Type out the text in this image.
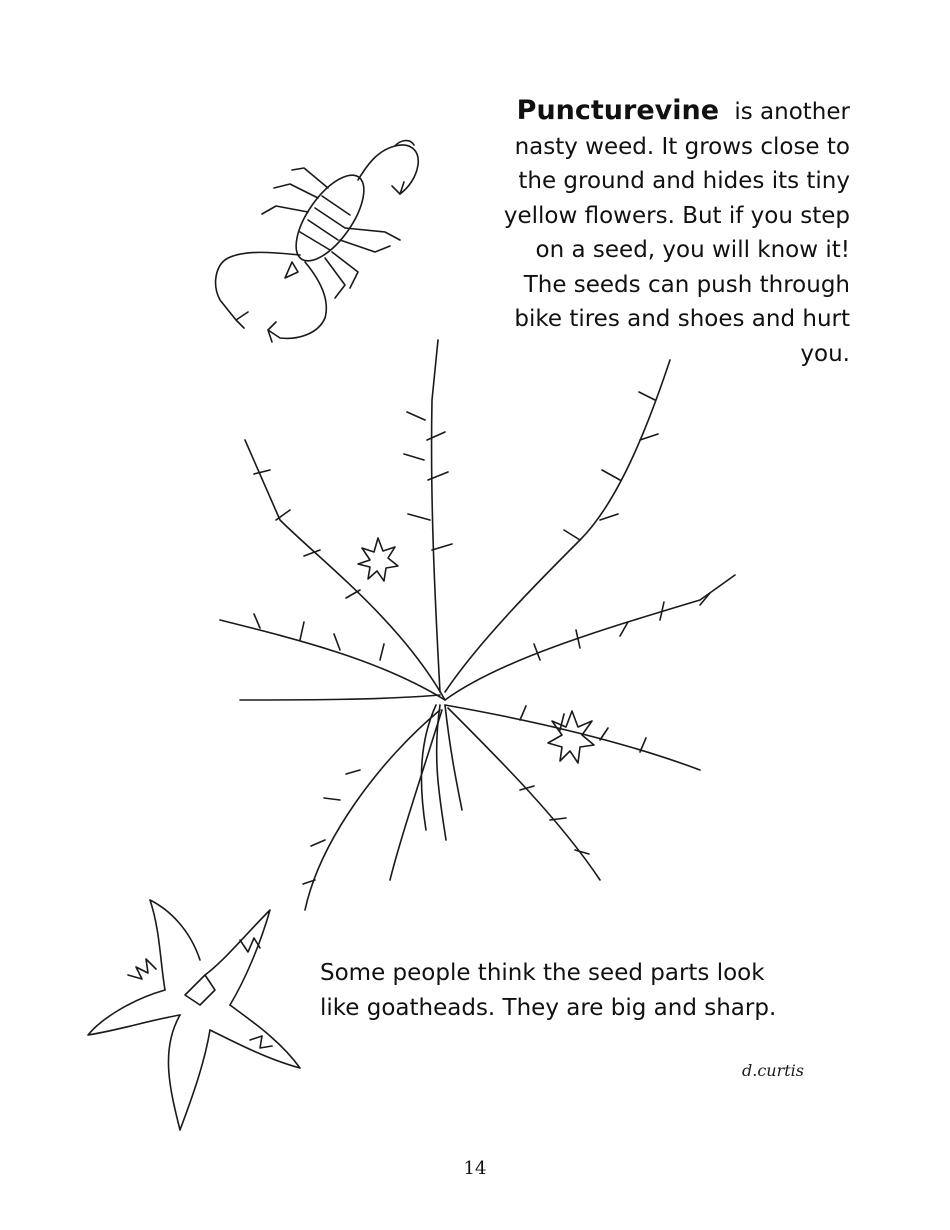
Puncturevine is another nasty weed. It grows close to the ground and hides its tiny yellow flowers. But if you step on a seed, you will know it! The seeds can push through bike tires and shoes and hurt you.
Some people think the seed parts look like goatheads. They are big and sharp.
d.curtis
14
